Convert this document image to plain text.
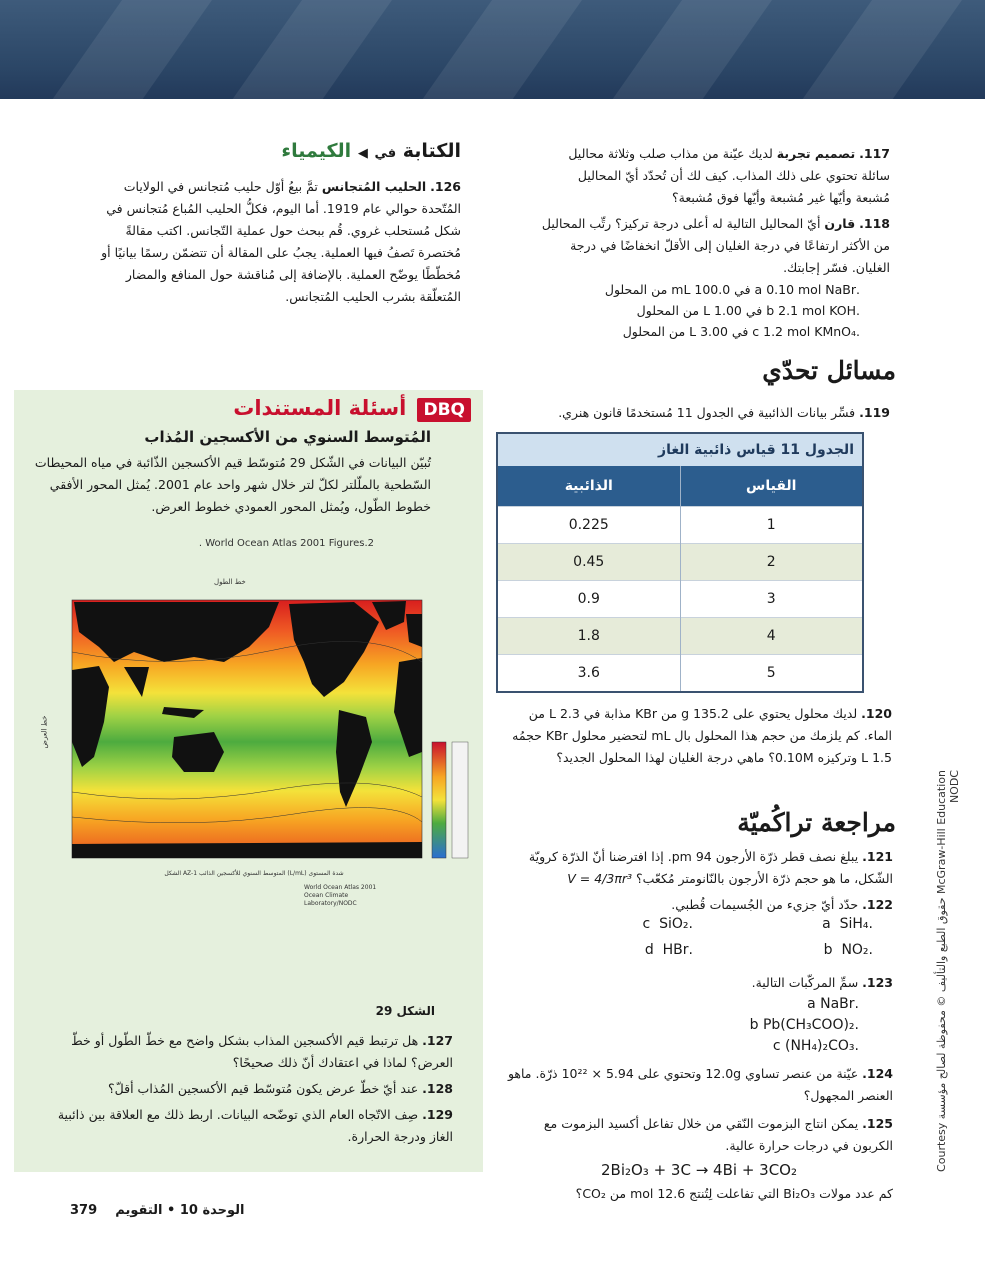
McGraw-Hill Education حقوق الطبع والتأليف © محفوظة لصالح مؤسسة Courtesy NODC
الكتابة في ◀ الكيمياء
126. الحليب المُتجانس تمَّ بيعُ أوّل حليب مُتجانس في الولايات المُتّحدة حوالي عام 1919. أما اليوم، فكلُّ الحليب المُباع مُتجانس في شكل مُستحلب غروي. قُم ببحث حول عملية التّجانس. اكتب مقالةً مُختصرة تَصفُ فيها العملية. يجبُ على المقالة أن تتضمّن رسمًا بيانيًا أو مُخطّطًا يوضّح العملية. بالإضافة إلى مُناقشة حول المنافع والمضار المُتعلّقة بشرب الحليب المُتجانس.
117. تصميم تجربة لديك عيّنة من مذاب صلب وثلاثة محاليل سائلة تحتوي على ذلك المذاب. كيف لك أن تُحدّد أيّ المحاليل مُشبعة وأيّها غير مُشبعة وأيّها فوق مُشبعة؟
118. قارن أيّ المحاليل التالية له أعلى درجة تركيز؟ رتِّب المحاليل من الأكثر ارتفاعًا في درجة الغليان إلى الأقلّ انخفاضًا في درجة الغليان. فسّر إجابتك.
.a 0.10 mol NaBr في 100.0 mL من المحلول
.b 2.1 mol KOH في 1.00 L من المحلول
.c 1.2 mol KMnO₄ في 3.00 L من المحلول
مسائل تحدّي
119. فسِّر بيانات الذائبية في الجدول 11 مُستخدمًا قانون هنري.
الجدول 11 قياس ذائبية الغاز
الذائبية	القياس
0.225	1
0.45	2
0.9	3
1.8	4
3.6	5
120. لديك محلول يحتوي على 135.2 g من KBr مذابة في 2.3 L من الماء. كم يلزمك من حجم هذا المحلول بال mL لتحضير محلول KBr حجمُه 1.5 L وتركيزه 0.10M؟ ماهي درجة الغليان لهذا المحلول الجديد؟
مراجعة تراكُميّة
121. يبلغ نصف قطر ذرّة الأرجون 94 pm. إذا افترضنا أنّ الذرّة كرويّة الشّكل، ما هو حجم ذرّة الأرجون بالنّانومتر مُكعّب؟ V = 4/3πr³
122. حدّد أيّ جزيء من الجُسيمات قُطبي.
.a  SiH₄
.c  SiO₂
.b  NO₂
.d  HBr
123. سمِّ المركّبات التالية.
.a NaBr
.b Pb(CH₃COO)₂
.c (NH₄)₂CO₃
124. عيّنة من عنصر تساوي 12.0g وتحتوي على 5.94 × 10²² ذرّة. ماهو العنصر المجهول؟
125. يمكن انتاج البزموت النّقي من خلال تفاعل أكسيد البزموت مع الكربون في درجات حرارة عالية.
2Bi₂O₃ + 3C → 4Bi + 3CO₂
كم عدد مولات Bi₂O₃ التي تفاعلت لِتُنتج 12.6 mol من CO₂؟
DBQ أسئلة المستندات
المُتوسط السنوي من الأكسجين المُذاب
تُبيّن البيانات في الشّكل 29 مُتوسّط قيم الأكسجين الذّائبة في مياه المحيطات السّطحية بالملّلتر لكلّ لتر خلال شهر واحد عام 2001. يُمثل المحور الأفقي خطوط الطّول، ويُمثل المحور العمودي خطوط العرض.
World Ocean Atlas 2001 Figures.2 .
خط الطول
خط العرض
شدة المستوى (L/mL) المتوسط السنوي للأكسجين الذائب AZ-1 الشكل
World Ocean Atlas 2001 Ocean Climate Laboratory/NODC
الشكل 29
127. هل ترتبط قيم الأكسجين المذاب بشكل واضح مع خطّ الطّول أو خطّ العرض؟ لماذا في اعتقادك أنّ ذلك صحيحًا؟
128. عند أيّ خطّ عرض يكون مُتوسّط قيم الأكسجين المُذاب أقلّ؟
129. صِف الاتّجاه العام الذي توضّحه البيانات. اربط ذلك مع العلاقة بين ذائبية الغاز ودرجة الحرارة.
379 الوحدة 10 • التقويم
